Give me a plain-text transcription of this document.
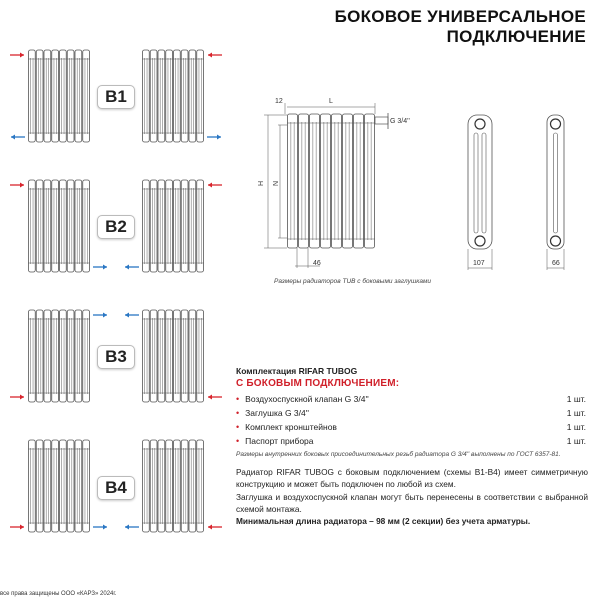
БОКОВОЕ УНИВЕРСАЛЬНОЕ
ПОДКЛЮЧЕНИЕ
B1
B2
B3
B4
12	L
G 3/4''
H N
46	107	66
Размеры радиаторов TUB с боковыми заглушками
Комплектация RIFAR TUBOG
С БОКОВЫМ ПОДКЛЮЧЕНИЕМ:
• Воздухоспускной клапан G 3/4''	1 шт.
• Заглушка G 3/4''	1 шт.
• Комплект кронштейнов	1 шт.
• Паспорт прибора	1 шт.
Размеры внутренних боковых присоединительных резьб радиатора G 3/4'' выполнены по ГОСТ 6357-81.
Радиатор RIFAR TUBOG с боковым подключением (схемы B1-B4) имеет симметричную конструкцию и может быть подключен по любой из схем.
Заглушка и воздухоспускной клапан могут быть перенесены в соответствии с выбранной схемой монтажа.
Минимальная длина радиатора – 98 мм (2 секции) без учета арматуры.
все права защищены ООО «КАРЗ» 2024г.
